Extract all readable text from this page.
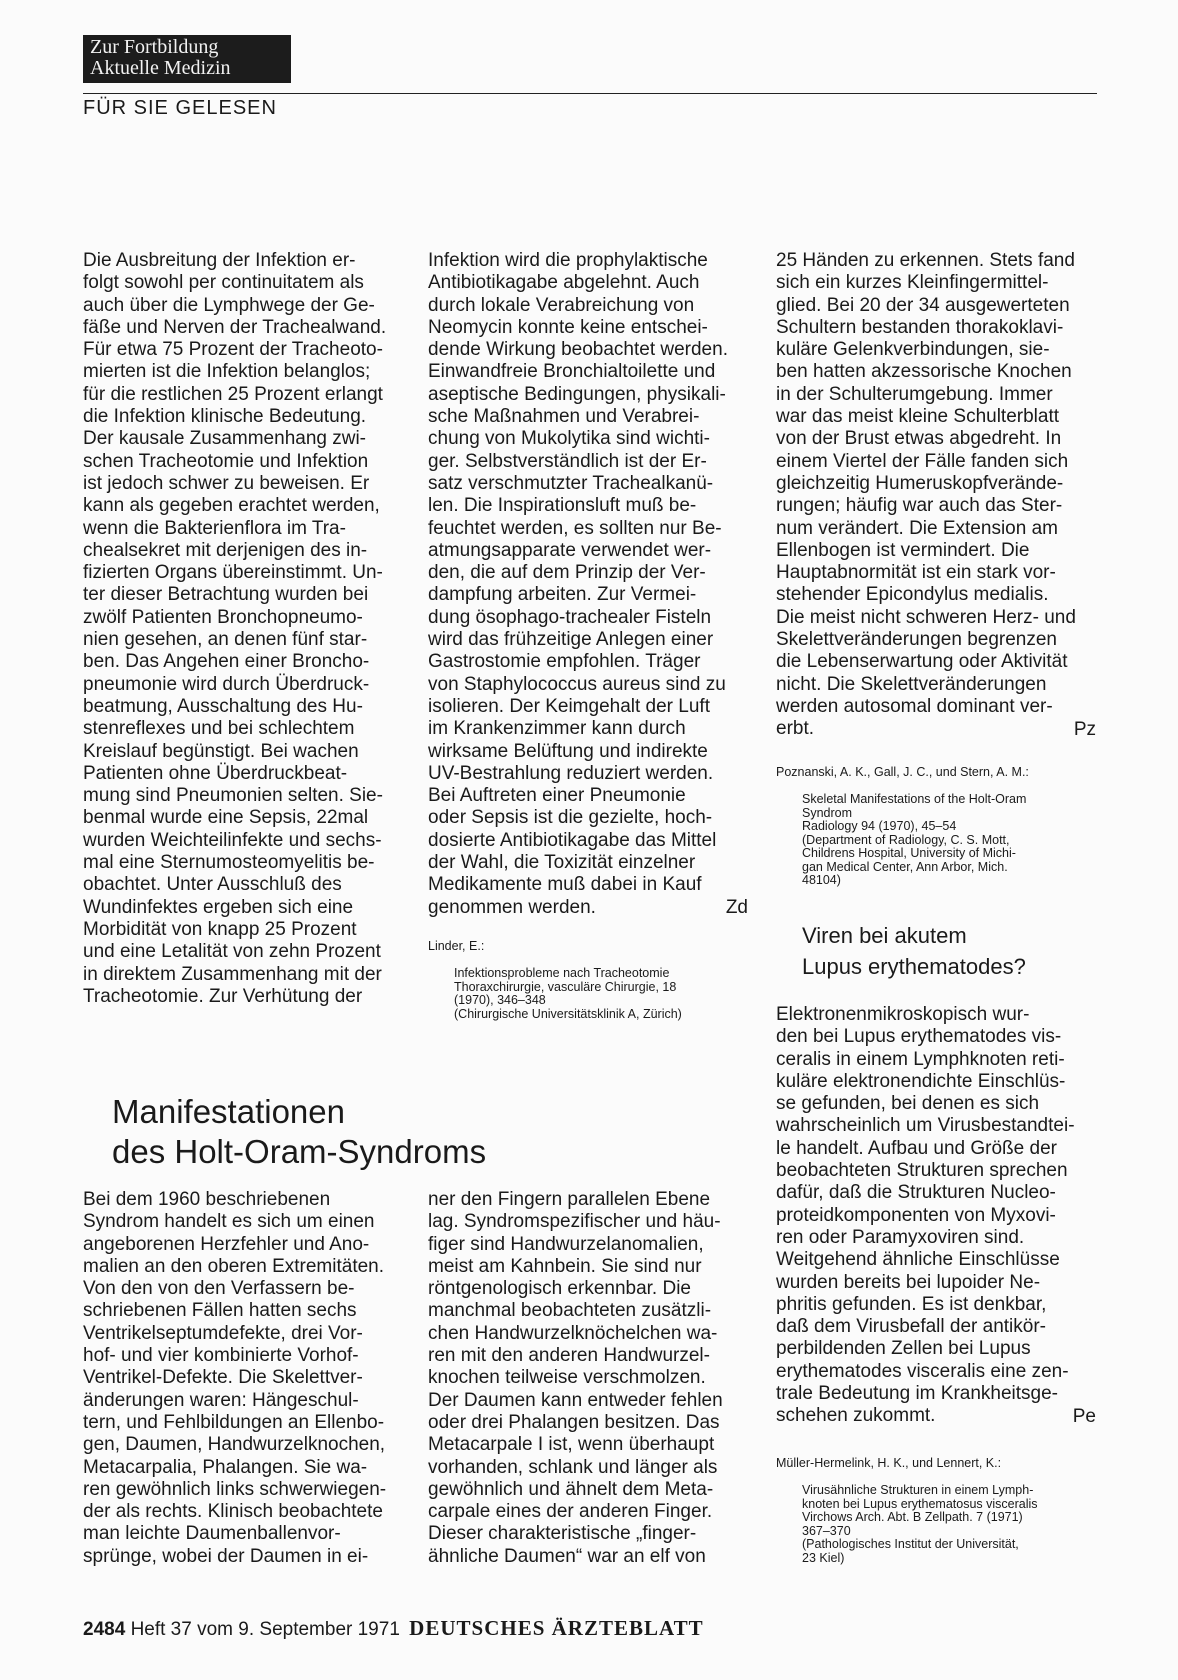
Zur Fortbildung
Aktuelle Medizin
FÜR SIE GELESEN
Die Ausbreitung der Infektion er-
folgt sowohl per continuitatem als
auch über die Lymphwege der Ge-
fäße und Nerven der Trachealwand.
Für etwa 75 Prozent der Tracheoto-
mierten ist die Infektion belanglos;
für die restlichen 25 Prozent erlangt
die Infektion klinische Bedeutung.
Der kausale Zusammenhang zwi-
schen Tracheotomie und Infektion
ist jedoch schwer zu beweisen. Er
kann als gegeben erachtet werden,
wenn die Bakterienflora im Tra-
chealsekret mit derjenigen des in-
fizierten Organs übereinstimmt. Un-
ter dieser Betrachtung wurden bei
zwölf Patienten Bronchopneumo-
nien gesehen, an denen fünf star-
ben. Das Angehen einer Broncho-
pneumonie wird durch Überdruck-
beatmung, Ausschaltung des Hu-
stenreflexes und bei schlechtem
Kreislauf begünstigt. Bei wachen
Patienten ohne Überdruckbeat-
mung sind Pneumonien selten. Sie-
benmal wurde eine Sepsis, 22mal
wurden Weichteilinfekte und sechs-
mal eine Sternumosteomyelitis be-
obachtet. Unter Ausschluß des
Wundinfektes ergeben sich eine
Morbidität von knapp 25 Prozent
und eine Letalität von zehn Prozent
in direktem Zusammenhang mit der
Tracheotomie. Zur Verhütung der
Infektion wird die prophylaktische
Antibiotikagabe abgelehnt. Auch
durch lokale Verabreichung von
Neomycin konnte keine entschei-
dende Wirkung beobachtet werden.
Einwandfreie Bronchialtoilette und
aseptische Bedingungen, physikali-
sche Maßnahmen und Verabrei-
chung von Mukolytika sind wichti-
ger. Selbstverständlich ist der Er-
satz verschmutzter Trachealkanü-
len. Die Inspirationsluft muß be-
feuchtet werden, es sollten nur Be-
atmungsapparate verwendet wer-
den, die auf dem Prinzip der Ver-
dampfung arbeiten. Zur Vermei-
dung ösophago-trachealer Fisteln
wird das frühzeitige Anlegen einer
Gastrostomie empfohlen. Träger
von Staphylococcus aureus sind zu
isolieren. Der Keimgehalt der Luft
im Krankenzimmer kann durch
wirksame Belüftung und indirekte
UV-Bestrahlung reduziert werden.
Bei Auftreten einer Pneumonie
oder Sepsis ist die gezielte, hoch-
dosierte Antibiotikagabe das Mittel
der Wahl, die Toxizität einzelner
Medikamente muß dabei in Kauf
genommen werden.	Zd

Linder, E.:

Infektionsprobleme nach Tracheotomie
Thoraxchirurgie, vasculäre Chirurgie, 18
(1970), 346–348
(Chirurgische Universitätsklinik A, Zürich)

Manifestationen
des Holt-Oram-Syndroms
Bei dem 1960 beschriebenen
Syndrom handelt es sich um einen
angeborenen Herzfehler und Ano-
malien an den oberen Extremitäten.
Von den von den Verfassern be-
schriebenen Fällen hatten sechs
Ventrikelseptumdefekte, drei Vor-
hof- und vier kombinierte Vorhof-
Ventrikel-Defekte. Die Skelettver-
änderungen waren: Hängeschul-
tern, und Fehlbildungen an Ellenbo-
gen, Daumen, Handwurzelknochen,
Metacarpalia, Phalangen. Sie wa-
ren gewöhnlich links schwerwiegen-
der als rechts. Klinisch beobachtete
man leichte Daumenballenvor-
sprünge, wobei der Daumen in ei-
ner den Fingern parallelen Ebene
lag. Syndromspezifischer und häu-
figer sind Handwurzelanomalien,
meist am Kahnbein. Sie sind nur
röntgenologisch erkennbar. Die
manchmal beobachteten zusätzli-
chen Handwurzelknöchelchen wa-
ren mit den anderen Handwurzel-
knochen teilweise verschmolzen.
Der Daumen kann entweder fehlen
oder drei Phalangen besitzen. Das
Metacarpale I ist, wenn überhaupt
vorhanden, schlank und länger als
gewöhnlich und ähnelt dem Meta-
carpale eines der anderen Finger.
Dieser charakteristische „finger-
ähnliche Daumen“ war an elf von
25 Händen zu erkennen. Stets fand
sich ein kurzes Kleinfingermittel-
glied. Bei 20 der 34 ausgewerteten
Schultern bestanden thorakoklavi-
kuläre Gelenkverbindungen, sie-
ben hatten akzessorische Knochen
in der Schulterumgebung. Immer
war das meist kleine Schulterblatt
von der Brust etwas abgedreht. In
einem Viertel der Fälle fanden sich
gleichzeitig Humeruskopfverände-
rungen; häufig war auch das Ster-
num verändert. Die Extension am
Ellenbogen ist vermindert. Die
Hauptabnormität ist ein stark vor-
stehender Epicondylus medialis.
Die meist nicht schweren Herz- und
Skelettveränderungen begrenzen
die Lebenserwartung oder Aktivität
nicht. Die Skelettveränderungen
werden autosomal dominant ver-
erbt.	Pz

Poznanski, A. K., Gall, J. C., und Stern, A. M.:

Skeletal Manifestations of the Holt-Oram
Syndrom
Radiology 94 (1970), 45–54
(Department of Radiology, C. S. Mott,
Childrens Hospital, University of Michi-
gan Medical Center, Ann Arbor, Mich.
48104)

Viren bei akutem
Lupus erythematodes?
Elektronenmikroskopisch wur-
den bei Lupus erythematodes vis-
ceralis in einem Lymphknoten reti-
kuläre elektronendichte Einschlüs-
se gefunden, bei denen es sich
wahrscheinlich um Virusbestandtei-
le handelt. Aufbau und Größe der
beobachteten Strukturen sprechen
dafür, daß die Strukturen Nucleo-
proteidkomponenten von Myxovi-
ren oder Paramyxoviren sind.
Weitgehend ähnliche Einschlüsse
wurden bereits bei lupoider Ne-
phritis gefunden. Es ist denkbar,
daß dem Virusbefall der antikör-
perbildenden Zellen bei Lupus
erythematodes visceralis eine zen-
trale Bedeutung im Krankheitsge-
schehen zukommt.	Pe

Müller-Hermelink, H. K., und Lennert, K.:

Virusähnliche Strukturen in einem Lymph-
knoten bei Lupus erythematosus visceralis
Virchows Arch. Abt. B Zellpath. 7 (1971)
367–370
(Pathologisches Institut der Universität,
23 Kiel)

2484 Heft 37 vom 9. September 1971 DEUTSCHES ÄRZTEBLATT
